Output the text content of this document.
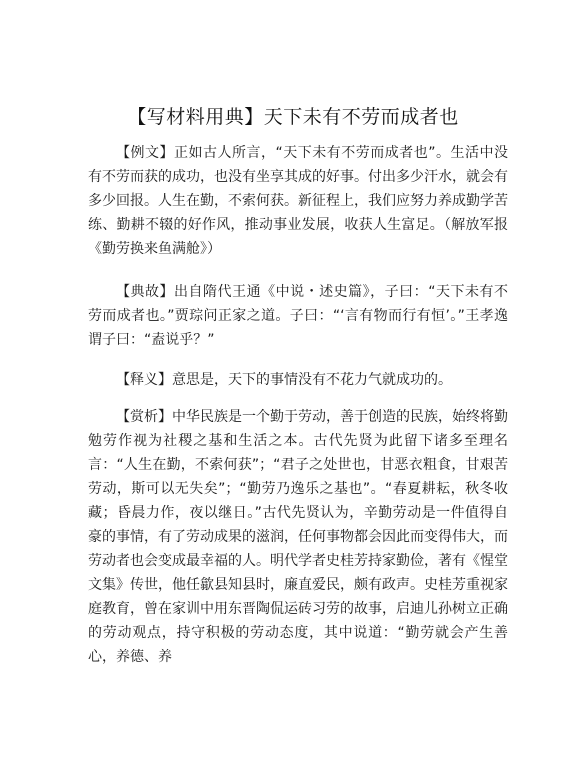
【写材料用典】天下未有不劳而成者也

【例文】正如古人所言，“天下未有不劳而成者也”。生活中没有不劳而获的成功，也没有坐享其成的好事。付出多少汗水，就会有多少回报。人生在勤，不索何获。新征程上，我们应努力养成勤学苦练、勤耕不辍的好作风，推动事业发展，收获人生富足。（解放军报《勤劳换来鱼满舱》）

【典故】出自隋代王通《中说・述史篇》，子曰：“天下未有不劳而成者也。”贾琮问正家之道。子曰：“‘言有物而行有恒’。”王孝逸谓子曰：“盍说乎？”

【释义】意思是，天下的事情没有不花力气就成功的。

【赏析】中华民族是一个勤于劳动，善于创造的民族，始终将勤勉劳作视为社稷之基和生活之本。古代先贤为此留下诸多至理名言：“人生在勤，不索何获”；“君子之处世也，甘恶衣粗食，甘艰苦劳动，斯可以无失矣”；“勤劳乃逸乐之基也”。“春夏耕耘，秋冬收藏；昏晨力作，夜以继日。”古代先贤认为，辛勤劳动是一件值得自豪的事情，有了劳动成果的滋润，任何事物都会因此而变得伟大，而劳动者也会变成最幸福的人。明代学者史桂芳持家勤俭，著有《惺堂文集》传世，他任歙县知县时，廉直爱民，颇有政声。史桂芳重视家庭教育，曾在家训中用东晋陶侃运砖习劳的故事，启迪儿孙树立正确的劳动观点，持守积极的劳动态度，其中说道：“勤劳就会产生善心，养德、养
